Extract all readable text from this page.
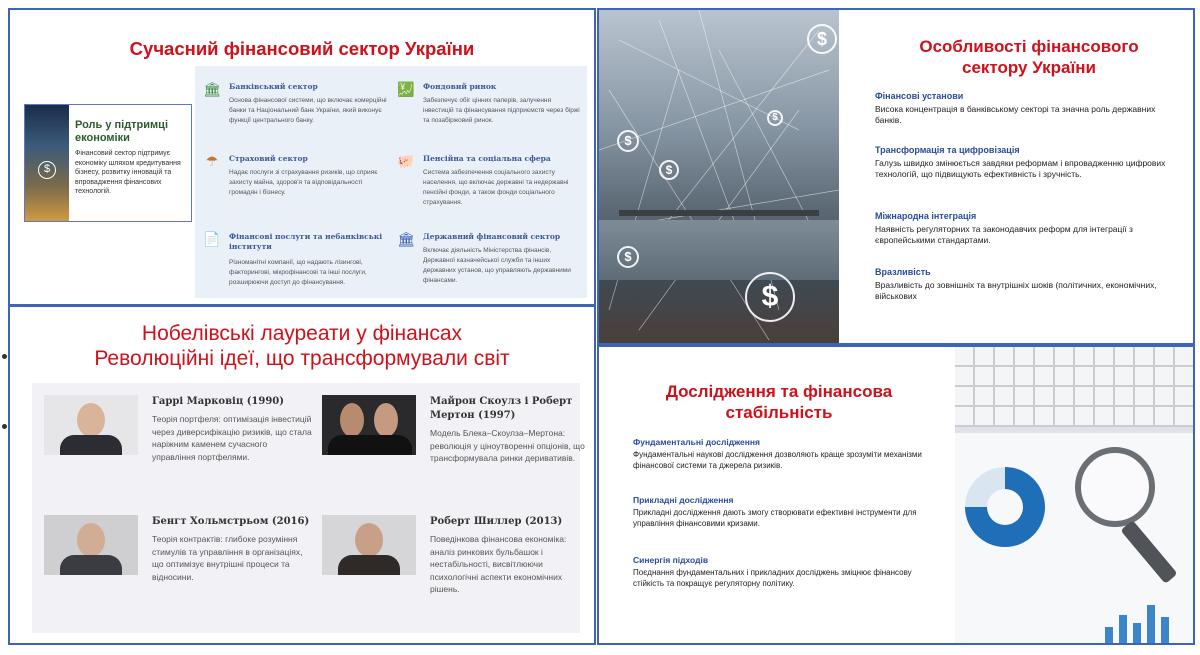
Сучасний фінансовий сектор України
$
Роль у підтримці економіки
Фінансовий сектор підтримує економіку шляхом кредитування бізнесу, розвитку інновацій та впровадження фінансових технологій.
🏛 Банківський сектор
Основа фінансової системи, що включає комерційні банки та Національний банк України, який виконує функції центрального банку.
💹 Фондовий ринок
Забезпечує обіг цінних паперів, залучення інвестицій та фінансування підприємств через біржі та позабіржовий ринок.
☂	Страховий сектор
Надає послуги зі страхування ризиків, що сприяє захисту майна, здоров'я та відповідальності громадян і бізнесу.
🐖 Пенсійна та соціальна сфера
Система забезпечення соціального захисту населення, що включає державні та недержавні пенсійні фонди, а також фонди соціального страхування.
📄 Фінансові послуги та небанківські інститути
Різноманітні компанії, що надають лізингові, факторингові, мікрофінансові та інші послуги, розширюючи доступ до фінансування.
🏛 Державний фінансовий сектор
Включає діяльність Міністерства фінансів, Державної казначейської служби та інших державних установ, що управляють державними фінансами.
$
$
$
$
$
$
Особливості фінансового сектору України
Фінансові установи
Висока концентрація в банківському секторі та значна роль державних банків.
Трансформація та цифровізація
Галузь швидко змінюється завдяки реформам і впровадженню цифрових технологій, що підвищують ефективність і зручність.
Міжнародна інтеграція
Наявність регуляторних та законодавчих реформ для інтеграції з європейськими стандартами.
Вразливість
Вразливість до зовнішніх та внутрішніх шоків (політичних, економічних, військових
Нобелівські лауреати у фінансах
Революційні ідеї, що трансформували світ
Гаррі Марковіц (1990)
Теорія портфеля: оптимізація інвестицій через диверсифікацію ризиків, що стала наріжним каменем сучасного управління портфелями.
Майрон Скоулз і Роберт Мертон (1997)
Модель Блека–Скоулза–Мертона: революція у ціноутворенні опціонів, що трансформувала ринки деривативів.
Бенгт Хольмстрьом (2016)
Теорія контрактів: глибоке розуміння стимулів та управління в організаціях, що оптимізує внутрішні процеси та відносини.
Роберт Шиллер (2013)
Поведінкова фінансова економіка: аналіз ринкових бульбашок і нестабільності, висвітлюючи психологічні аспекти економічних рішень.
Дослідження та фінансова стабільність
Фундаментальні дослідження
Фундаментальні наукові дослідження дозволяють краще зрозуміти механізми фінансової системи та джерела ризиків.
Прикладні дослідження
Прикладні дослідження дають змогу створювати ефективні інструменти для управління фінансовими кризами.
Синергія підходів
Поєднання фундаментальних і прикладних досліджень зміцнює фінансову стійкість та покращує регуляторну політику.
